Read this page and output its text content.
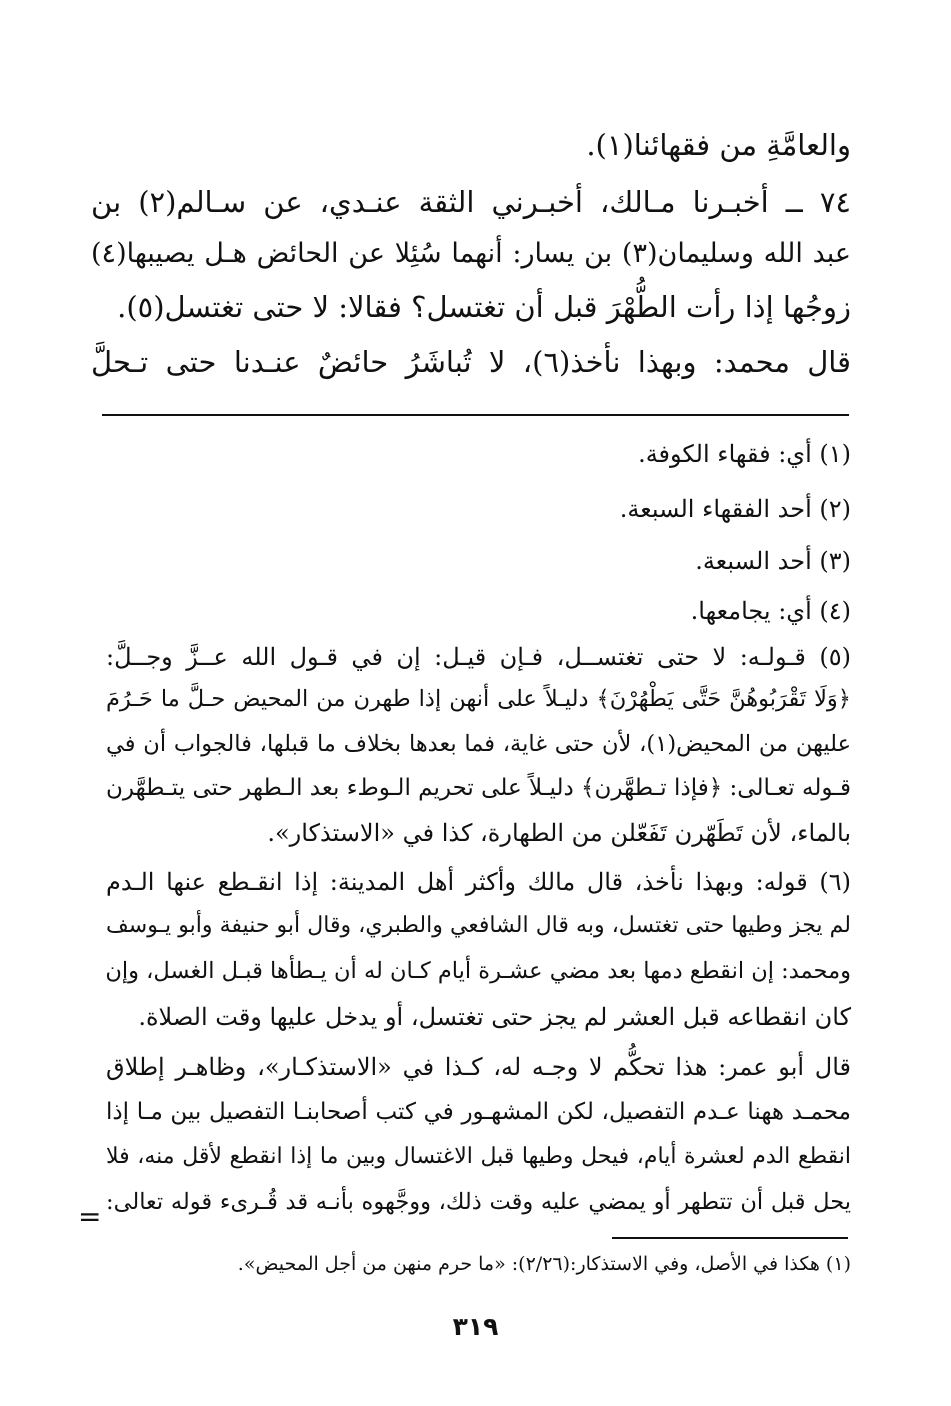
والعامَّةِ من فقهائنا(١).
٧٤ ــ أخبـرنا مـالك، أخبـرني الثقة عنـدي، عن سـالم(٢) بن
عبد الله وسليمان(٣) بن يسار: أنهما سُئِلا عن الحائض هـل يصيبها(٤)
زوجُها إذا رأت الطُّهْرَ قبل أن تغتسل؟ فقالا: لا حتى تغتسل(٥).
قال محمد: وبهذا نأخذ(٦)، لا تُباشَرُ حائضٌ عنـدنا حتى تـحلَّ
(١) أي: فقهاء الكوفة.
(٢) أحد الفقهاء السبعة.
(٣) أحد السبعة.
(٤) أي: يجامعها.
(٥) قـولـه: لا حتى تغتســل، فـإن قيـل: إن في قـول الله عــزَّ وجــلَّ:
﴿وَلَا تَقْرَبُوهُنَّ حَتَّى يَطْهُرْنَ﴾ دليـلاً على أنهن إذا طهرن من المحيض حـلَّ ما حَـرُمَ
عليهن من المحيض(١)، لأن حتى غاية، فما بعدها بخلاف ما قبلها، فالجواب أن في
قـوله تعـالى: ﴿فإذا تـطهَّرن﴾ دليـلاً على تحريم الـوطء بعد الـطهر حتى يتـطهَّرن
بالماء، لأن تَطَهّرن تَفَعّلن من الطهارة، كذا في «الاستذكار».
(٦) قوله: وبهذا نأخذ، قال مالك وأكثر أهل المدينة: إذا انقـطع عنها الـدم
لم يجز وطيها حتى تغتسل، وبه قال الشافعي والطبري، وقال أبو حنيفة وأبو يـوسف
ومحمد: إن انقطع دمها بعد مضي عشـرة أيام كـان له أن يـطأها قبـل الغسل، وإن
كان انقطاعه قبل العشر لم يجز حتى تغتسل، أو يدخل عليها وقت الصلاة.
قال أبو عمر: هذا تحكُّم لا وجـه له، كـذا في «الاستذكـار»، وظاهـر إطلاق
محمـد ههنا عـدم التفصيل، لكن المشهـور في كتب أصحابنـا التفصيل بين مـا إذا
انقطع الدم لعشرة أيام، فيحل وطيها قبل الاغتسال وبين ما إذا انقطع لأقل منه، فلا
يحل قبل أن تتطهر أو يمضي عليه وقت ذلك، ووجَّهوه بأنـه قد قُـرىء قوله تعالى:
=
(١) هكذا في الأصل، وفي الاستذكار:(٢/٢٦): «ما حرم منهن من أجل المحيض».
٣١٩
